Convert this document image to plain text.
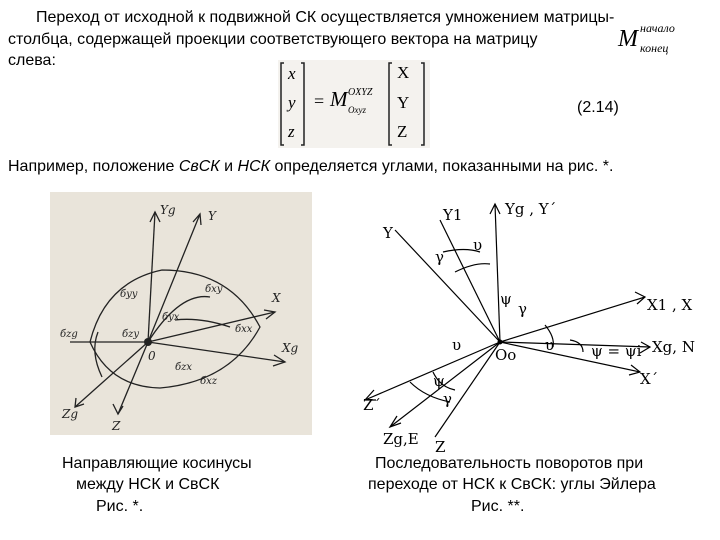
Переход от исходной к подвижной СК осуществляется умножением матрицы-
столбца, содержащей проекции соответствующего вектора на матрицу
слева:
M начало
конец
x
y
z
= M OXYZ
Oxyz
X
Y
Z
(2.14)
Например, положение СвСК и НСК определяется углами, показанными на рис. *.
Yg	Y
X
Xg
Z
Zg
0
бyy	бxy
бyx
бxx
бzy
бzg
бzx
бxz
Y
Y1	Yg , Y´
υ
γ
ψ
γ	X1 , X
υ
Oo
υ ψ = ψi Xg, N
X´
ψ
γ
Z´
Zg,E Z
Направляющие косинусы
между НСК и СвСК
Рис. *.
Последовательность поворотов при
переходе от НСК к СвСК: углы Эйлера
Рис. **.
